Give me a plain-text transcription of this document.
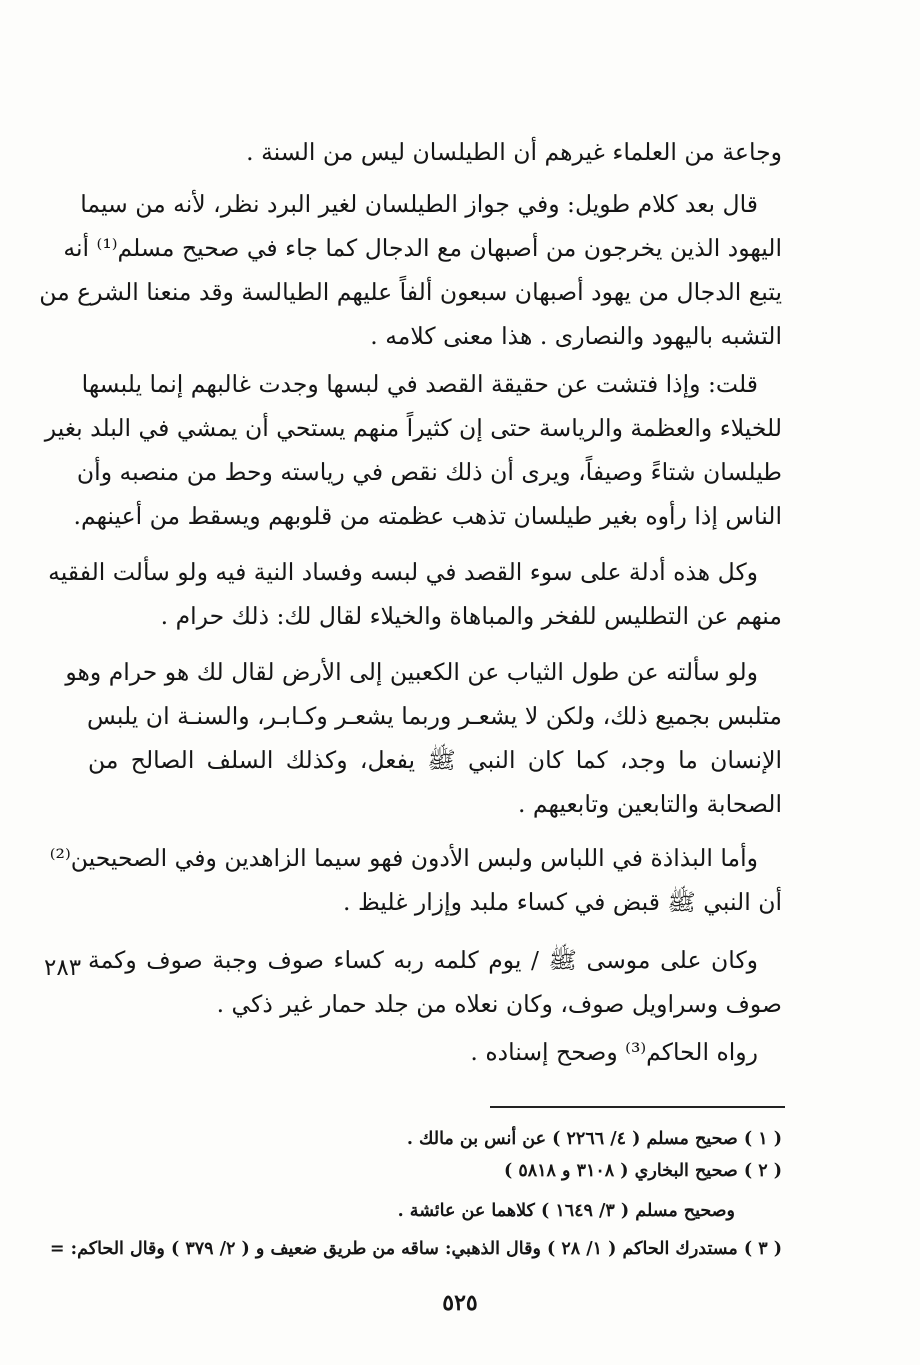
وجاعة من العلماء غيرهم أن الطيلسان ليس من السنة .
قال بعد كلام طويل: وفي جواز الطيلسان لغير البرد نظر، لأنه من سيما
اليهود الذين يخرجون من أصبهان مع الدجال كما جاء في صحيح مسلم⁽¹⁾ أنه
يتبع الدجال من يهود أصبهان سبعون ألفاً عليهم الطيالسة وقد منعنا الشرع من
التشبه باليهود والنصارى . هذا معنى كلامه .
قلت: وإذا فتشت عن حقيقة القصد في لبسها وجدت غالبهم إنما يلبسها
للخيلاء والعظمة والرياسة حتى إن كثيراً منهم يستحي أن يمشي في البلد بغير
طيلسان شتاءً وصيفاً، ويرى أن ذلك نقص في رياسته وحط من منصبه وأن
الناس إذا رأوه بغير طيلسان تذهب عظمته من قلوبهم ويسقط من أعينهم.
وكل هذه أدلة على سوء القصد في لبسه وفساد النية فيه ولو سألت الفقيه
منهم عن التطليس للفخر والمباهاة والخيلاء لقال لك: ذلك حرام .
ولو سألته عن طول الثياب عن الكعبين إلى الأرض لقال لك هو حرام وهو
متلبس بجميع ذلك، ولكن لا يشعـر وربما يشعـر وكـابـر، والسنـة ان يلبس
الإنسان ما وجد، كما كان النبي ﷺ يفعل، وكذلك السلف الصالح من
الصحابة والتابعين وتابعيهم .
وأما البذاذة في اللباس ولبس الأدون فهو سيما الزاهدين وفي الصحيحين⁽²⁾
أن النبي ﷺ قبض في كساء ملبد وإزار غليظ .
وكان على موسى ﷺ / يوم كلمه ربه كساء صوف وجبة صوف وكمة
صوف وسراويل صوف، وكان نعلاه من جلد حمار غير ذكي .
رواه الحاكم⁽³⁾ وصحح إسناده .
٢٨٣
( ١ ) صحيح مسلم ( ٤/ ٢٢٦٦ ) عن أنس بن مالك .
( ٢ ) صحيح البخاري ( ٣١٠٨ و ٥٨١٨ )
وصحيح مسلم ( ٣/ ١٦٤٩ ) كلاهما عن عائشة .
( ٣ ) مستدرك الحاكم ( ١/ ٢٨ ) وقال الذهبي: ساقه من طريق ضعيف و ( ٢/ ٣٧٩ ) وقال الحاكم: =
٥٢٥
